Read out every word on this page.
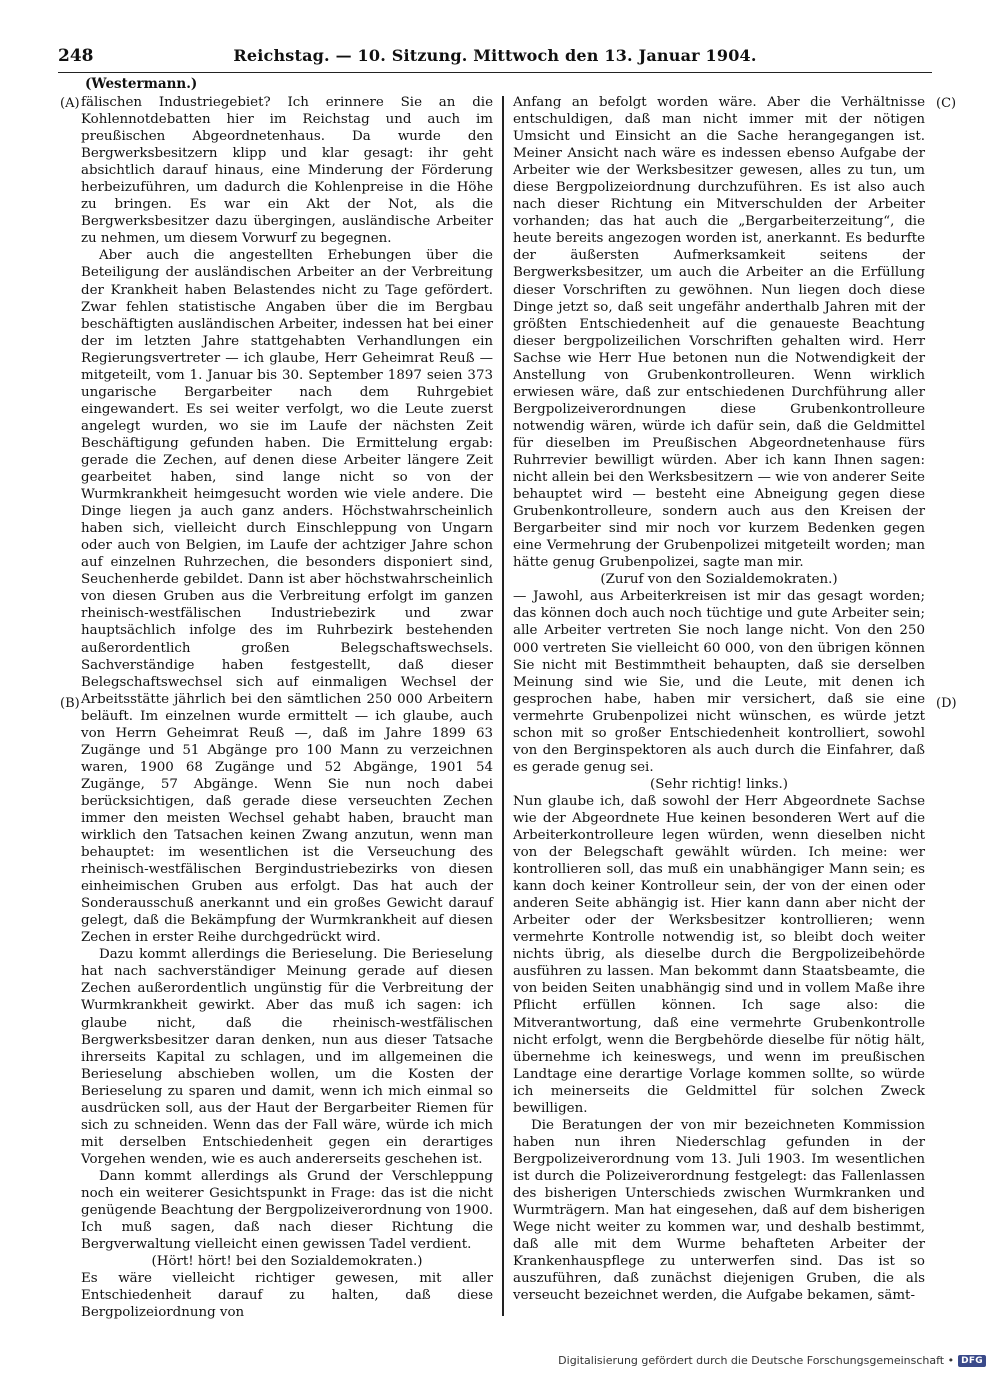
248	Reichstag. — 10. Sitzung. Mittwoch den 13. Januar 1904.
(Westermann.)
(A)
(B)
(C)
(D)

fälischen Industriegebiet? Ich erinnere Sie an die Kohlennotdebatten hier im Reichstag und auch im preußischen Abgeordnetenhaus. Da wurde den Bergwerksbesitzern klipp und klar gesagt: ihr geht absichtlich darauf hinaus, eine Minderung der Förderung herbeizuführen, um dadurch die Kohlenpreise in die Höhe zu bringen. Es war ein Akt der Not, als die Bergwerksbesitzer dazu übergingen, ausländische Arbeiter zu nehmen, um diesem Vorwurf zu begegnen.

Aber auch die angestellten Erhebungen über die Beteiligung der ausländischen Arbeiter an der Verbreitung der Krankheit haben Belastendes nicht zu Tage gefördert. Zwar fehlen statistische Angaben über die im Bergbau beschäftigten ausländischen Arbeiter, indessen hat bei einer der im letzten Jahre stattgehabten Verhandlungen ein Regierungsvertreter — ich glaube, Herr Geheimrat Reuß — mitgeteilt, vom 1. Januar bis 30. September 1897 seien 373 ungarische Bergarbeiter nach dem Ruhrgebiet eingewandert. Es sei weiter verfolgt, wo die Leute zuerst angelegt wurden, wo sie im Laufe der nächsten Zeit Beschäftigung gefunden haben. Die Ermittelung ergab: gerade die Zechen, auf denen diese Arbeiter längere Zeit gearbeitet haben, sind lange nicht so von der Wurmkrankheit heimgesucht worden wie viele andere. Die Dinge liegen ja auch ganz anders. Höchstwahrscheinlich haben sich, vielleicht durch Einschleppung von Ungarn oder auch von Belgien, im Laufe der achtziger Jahre schon auf einzelnen Ruhrzechen, die besonders disponiert sind, Seuchenherde gebildet. Dann ist aber höchstwahrscheinlich von diesen Gruben aus die Verbreitung erfolgt im ganzen rheinisch-westfälischen Industriebezirk und zwar hauptsächlich infolge des im Ruhrbezirk bestehenden außerordentlich großen Belegschaftswechsels. Sachverständige haben festgestellt, daß dieser Belegschaftswechsel sich auf einmaligen Wechsel der Arbeitsstätte jährlich bei den sämtlichen 250 000 Arbeitern beläuft. Im einzelnen wurde ermittelt — ich glaube, auch von Herrn Geheimrat Reuß —, daß im Jahre 1899 63 Zugänge und 51 Abgänge pro 100 Mann zu verzeichnen waren, 1900 68 Zugänge und 52 Abgänge, 1901 54 Zugänge, 57 Abgänge. Wenn Sie nun noch dabei berücksichtigen, daß gerade diese verseuchten Zechen immer den meisten Wechsel gehabt haben, braucht man wirklich den Tatsachen keinen Zwang anzutun, wenn man behauptet: im wesentlichen ist die Verseuchung des rheinisch-westfälischen Bergindustriebezirks von diesen einheimischen Gruben aus erfolgt. Das hat auch der Sonderausschuß anerkannt und ein großes Gewicht darauf gelegt, daß die Bekämpfung der Wurmkrankheit auf diesen Zechen in erster Reihe durchgedrückt wird.

Dazu kommt allerdings die Berieselung. Die Berieselung hat nach sachverständiger Meinung gerade auf diesen Zechen außerordentlich ungünstig für die Verbreitung der Wurmkrankheit gewirkt. Aber das muß ich sagen: ich glaube nicht, daß die rheinisch-westfälischen Bergwerksbesitzer daran denken, nun aus dieser Tatsache ihrerseits Kapital zu schlagen, und im allgemeinen die Berieselung abschieben wollen, um die Kosten der Berieselung zu sparen und damit, wenn ich mich einmal so ausdrücken soll, aus der Haut der Bergarbeiter Riemen für sich zu schneiden. Wenn das der Fall wäre, würde ich mich mit derselben Entschiedenheit gegen ein derartiges Vorgehen wenden, wie es auch andererseits geschehen ist.

Dann kommt allerdings als Grund der Verschleppung noch ein weiterer Gesichtspunkt in Frage: das ist die nicht genügende Beachtung der Bergpolizeiverordnung von 1900. Ich muß sagen, daß nach dieser Richtung die Bergverwaltung vielleicht einen gewissen Tadel verdient.

(Hört! hört! bei den Sozialdemokraten.)

Es wäre vielleicht richtiger gewesen, mit aller Entschiedenheit darauf zu halten, daß diese Bergpolizeiordnung von

Anfang an befolgt worden wäre. Aber die Verhältnisse entschuldigen, daß man nicht immer mit der nötigen Umsicht und Einsicht an die Sache herangegangen ist. Meiner Ansicht nach wäre es indessen ebenso Aufgabe der Arbeiter wie der Werksbesitzer gewesen, alles zu tun, um diese Bergpolizeiordnung durchzuführen. Es ist also auch nach dieser Richtung ein Mitverschulden der Arbeiter vorhanden; das hat auch die „Bergarbeiterzeitung“, die heute bereits angezogen worden ist, anerkannt. Es bedurfte der äußersten Aufmerksamkeit seitens der Bergwerksbesitzer, um auch die Arbeiter an die Erfüllung dieser Vorschriften zu gewöhnen. Nun liegen doch diese Dinge jetzt so, daß seit ungefähr anderthalb Jahren mit der größten Entschiedenheit auf die genaueste Beachtung dieser bergpolizeilichen Vorschriften gehalten wird. Herr Sachse wie Herr Hue betonen nun die Notwendigkeit der Anstellung von Grubenkontrolleuren. Wenn wirklich erwiesen wäre, daß zur entschiedenen Durchführung aller Bergpolizeiverordnungen diese Grubenkontrolleure notwendig wären, würde ich dafür sein, daß die Geldmittel für dieselben im Preußischen Abgeordnetenhause fürs Ruhrrevier bewilligt würden. Aber ich kann Ihnen sagen: nicht allein bei den Werksbesitzern — wie von anderer Seite behauptet wird — besteht eine Abneigung gegen diese Grubenkontrolleure, sondern auch aus den Kreisen der Bergarbeiter sind mir noch vor kurzem Bedenken gegen eine Vermehrung der Grubenpolizei mitgeteilt worden; man hätte genug Grubenpolizei, sagte man mir.

(Zuruf von den Sozialdemokraten.)

— Jawohl, aus Arbeiterkreisen ist mir das gesagt worden; das können doch auch noch tüchtige und gute Arbeiter sein; alle Arbeiter vertreten Sie noch lange nicht. Von den 250 000 vertreten Sie vielleicht 60 000, von den übrigen können Sie nicht mit Bestimmtheit behaupten, daß sie derselben Meinung sind wie Sie, und die Leute, mit denen ich gesprochen habe, haben mir versichert, daß sie eine vermehrte Grubenpolizei nicht wünschen, es würde jetzt schon mit so großer Entschiedenheit kontrolliert, sowohl von den Berginspektoren als auch durch die Einfahrer, daß es gerade genug sei.

(Sehr richtig! links.)

Nun glaube ich, daß sowohl der Herr Abgeordnete Sachse wie der Abgeordnete Hue keinen besonderen Wert auf die Arbeiterkontrolleure legen würden, wenn dieselben nicht von der Belegschaft gewählt würden. Ich meine: wer kontrollieren soll, das muß ein unabhängiger Mann sein; es kann doch keiner Kontrolleur sein, der von der einen oder anderen Seite abhängig ist. Hier kann dann aber nicht der Arbeiter oder der Werksbesitzer kontrollieren; wenn vermehrte Kontrolle notwendig ist, so bleibt doch weiter nichts übrig, als dieselbe durch die Bergpolizeibehörde ausführen zu lassen. Man bekommt dann Staatsbeamte, die von beiden Seiten unabhängig sind und in vollem Maße ihre Pflicht erfüllen können. Ich sage also: die Mitverantwortung, daß eine vermehrte Grubenkontrolle nicht erfolgt, wenn die Bergbehörde dieselbe für nötig hält, übernehme ich keineswegs, und wenn im preußischen Landtage eine derartige Vorlage kommen sollte, so würde ich meinerseits die Geldmittel für solchen Zweck bewilligen.

Die Beratungen der von mir bezeichneten Kommission haben nun ihren Niederschlag gefunden in der Bergpolizeiverordnung vom 13. Juli 1903. Im wesentlichen ist durch die Polizeiverordnung festgelegt: das Fallenlassen des bisherigen Unterschieds zwischen Wurmkranken und Wurmträgern. Man hat eingesehen, daß auf dem bisherigen Wege nicht weiter zu kommen war, und deshalb bestimmt, daß alle mit dem Wurme behafteten Arbeiter der Krankenhauspflege zu unterwerfen sind. Das ist so auszuführen, daß zunächst diejenigen Gruben, die als verseucht bezeichnet werden, die Aufgabe bekamen, sämt-

Digitalisierung gefördert durch die Deutsche Forschungsgemeinschaft • DFG
